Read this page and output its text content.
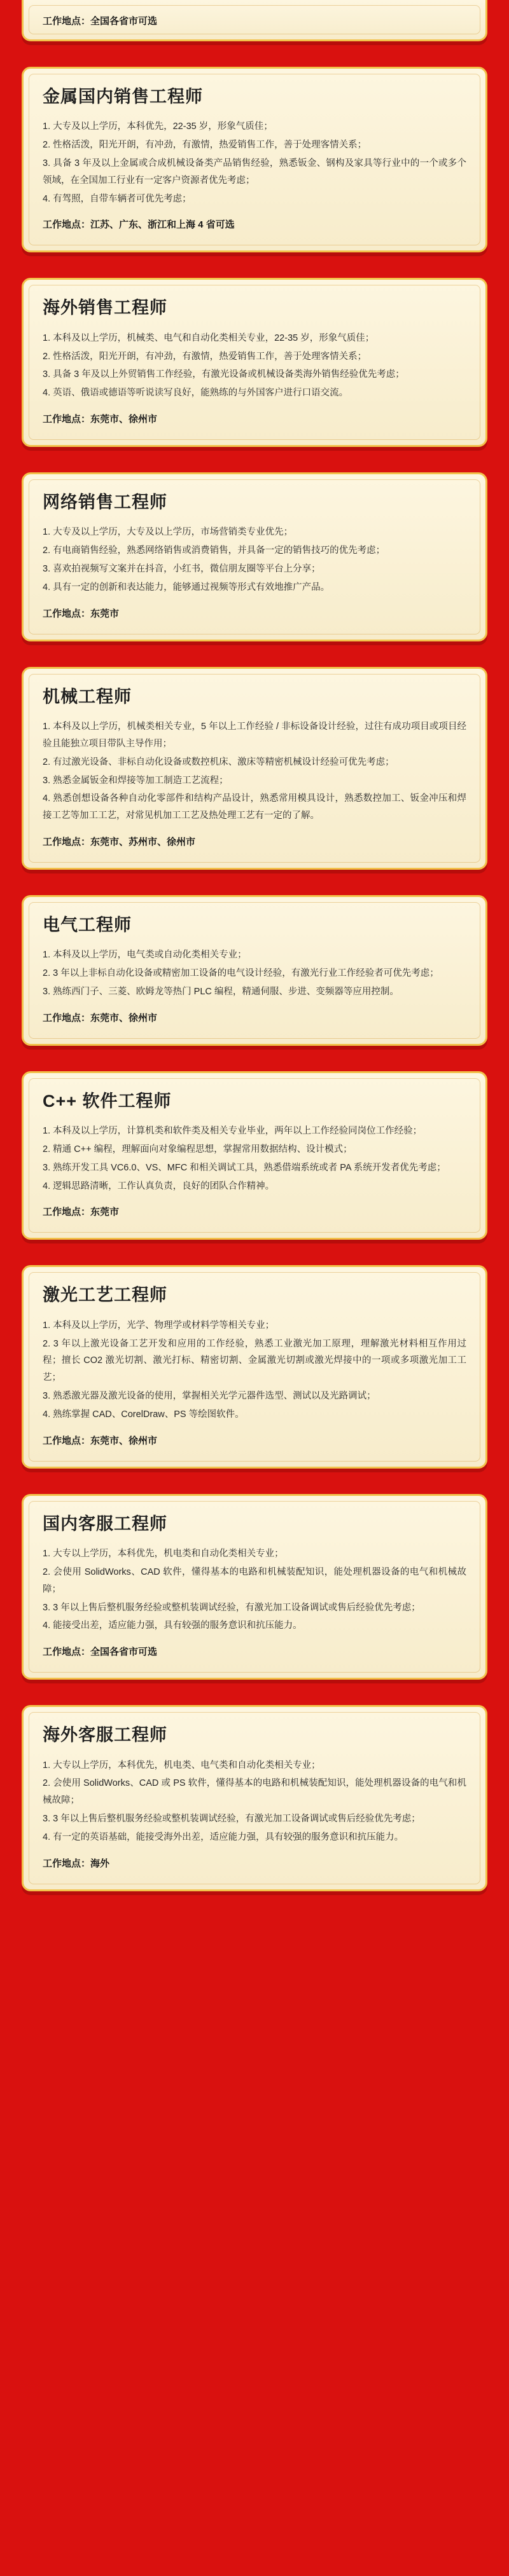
工作地点：全国各省市可选
金属国内销售工程师
1. 大专及以上学历，本科优先，22-35 岁，形象气质佳；
2. 性格活泼，阳光开朗，有冲劲，有激情，热爱销售工作，善于处理客情关系；
3. 具备 3 年及以上金属或合成机械设备类产品销售经验，熟悉钣金、钢构及家具等行业中的一个或多个领域，在全国加工行业有一定客户资源者优先考虑；
4. 有驾照，自带车辆者可优先考虑；
工作地点：江苏、广东、浙江和上海 4 省可选
海外销售工程师
1. 本科及以上学历，机械类、电气和自动化类相关专业，22-35 岁，形象气质佳；
2. 性格活泼，阳光开朗，有冲劲，有激情，热爱销售工作，善于处理客情关系；
3. 具备 3 年及以上外贸销售工作经验，有激光设备或机械设备类海外销售经验优先考虑；
4. 英语、俄语或德语等听说读写良好，能熟练的与外国客户进行口语交流。
工作地点：东莞市、徐州市
网络销售工程师
1. 大专及以上学历，大专及以上学历，市场营销类专业优先；
2. 有电商销售经验，熟悉网络销售或消费销售，并具备一定的销售技巧的优先考虑；
3. 喜欢拍视频写文案并在抖音，小红书，微信朋友圈等平台上分享；
4. 具有一定的创新和表达能力，能够通过视频等形式有效地推广产品。
工作地点：东莞市
机械工程师
1. 本科及以上学历，机械类相关专业，5 年以上工作经验 / 非标设备设计经验，过往有成功项目或项目经验且能独立项目带队主导作用；
2. 有过激光设备、非标自动化设备或数控机床、激床等精密机械设计经验可优先考虑；
3. 熟悉金属钣金和焊接等加工制造工艺流程；
4. 熟悉创想设备各种自动化零部件和结构产品设计，熟悉常用模具设计，熟悉数控加工、钣金冲压和焊接工艺等加工工艺，对常见机加工工艺及热处理工艺有一定的了解。
工作地点：东莞市、苏州市、徐州市
电气工程师
1. 本科及以上学历，电气类或自动化类相关专业；
2. 3 年以上非标自动化设备或精密加工设备的电气设计经验，有激光行业工作经验者可优先考虑；
3. 熟练西门子、三菱、欧姆龙等热门 PLC 编程，精通伺服、步进、变频器等应用控制。
工作地点：东莞市、徐州市
C++ 软件工程师
1. 本科及以上学历，计算机类和软件类及相关专业毕业，两年以上工作经验同岗位工作经验；
2. 精通 C++ 编程，理解面向对象编程思想，掌握常用数据结构、设计模式；
3. 熟练开发工具 VC6.0、VS、MFC 和相关调试工具，熟悉借端系统或者 PA 系统开发者优先考虑；
4. 逻辑思路清晰，工作认真负责，良好的团队合作精神。
工作地点：东莞市
激光工艺工程师
1. 本科及以上学历，光学、物理学或材料学等相关专业；
2. 3 年以上激光设备工艺开发和应用的工作经验，熟悉工业激光加工原理，理解激光材料相互作用过程；擅长 CO2 激光切割、激光打标、精密切割、金属激光切割或激光焊接中的一项或多项激光加工工艺；
3. 熟悉激光器及激光设备的使用，掌握相关光学元器件选型、测试以及光路调试；
4. 熟练掌握 CAD、CorelDraw、PS 等绘图软件。
工作地点：东莞市、徐州市
国内客服工程师
1. 大专以上学历，本科优先，机电类和自动化类相关专业；
2. 会使用 SolidWorks、CAD 软件，懂得基本的电路和机械装配知识，能处理机器设备的电气和机械故障；
3. 3 年以上售后整机服务经验或整机装调试经验，有激光加工设备调试或售后经验优先考虑；
4. 能接受出差，适应能力强，具有较强的服务意识和抗压能力。
工作地点：全国各省市可选
海外客服工程师
1. 大专以上学历，本科优先，机电类、电气类和自动化类相关专业；
2. 会使用 SolidWorks、CAD 或 PS 软件，懂得基本的电路和机械装配知识，能处理机器设备的电气和机械故障；
3. 3 年以上售后整机服务经验或整机装调试经验，有激光加工设备调试或售后经验优先考虑；
4. 有一定的英语基础，能接受海外出差，适应能力强，具有较强的服务意识和抗压能力。
工作地点：海外
